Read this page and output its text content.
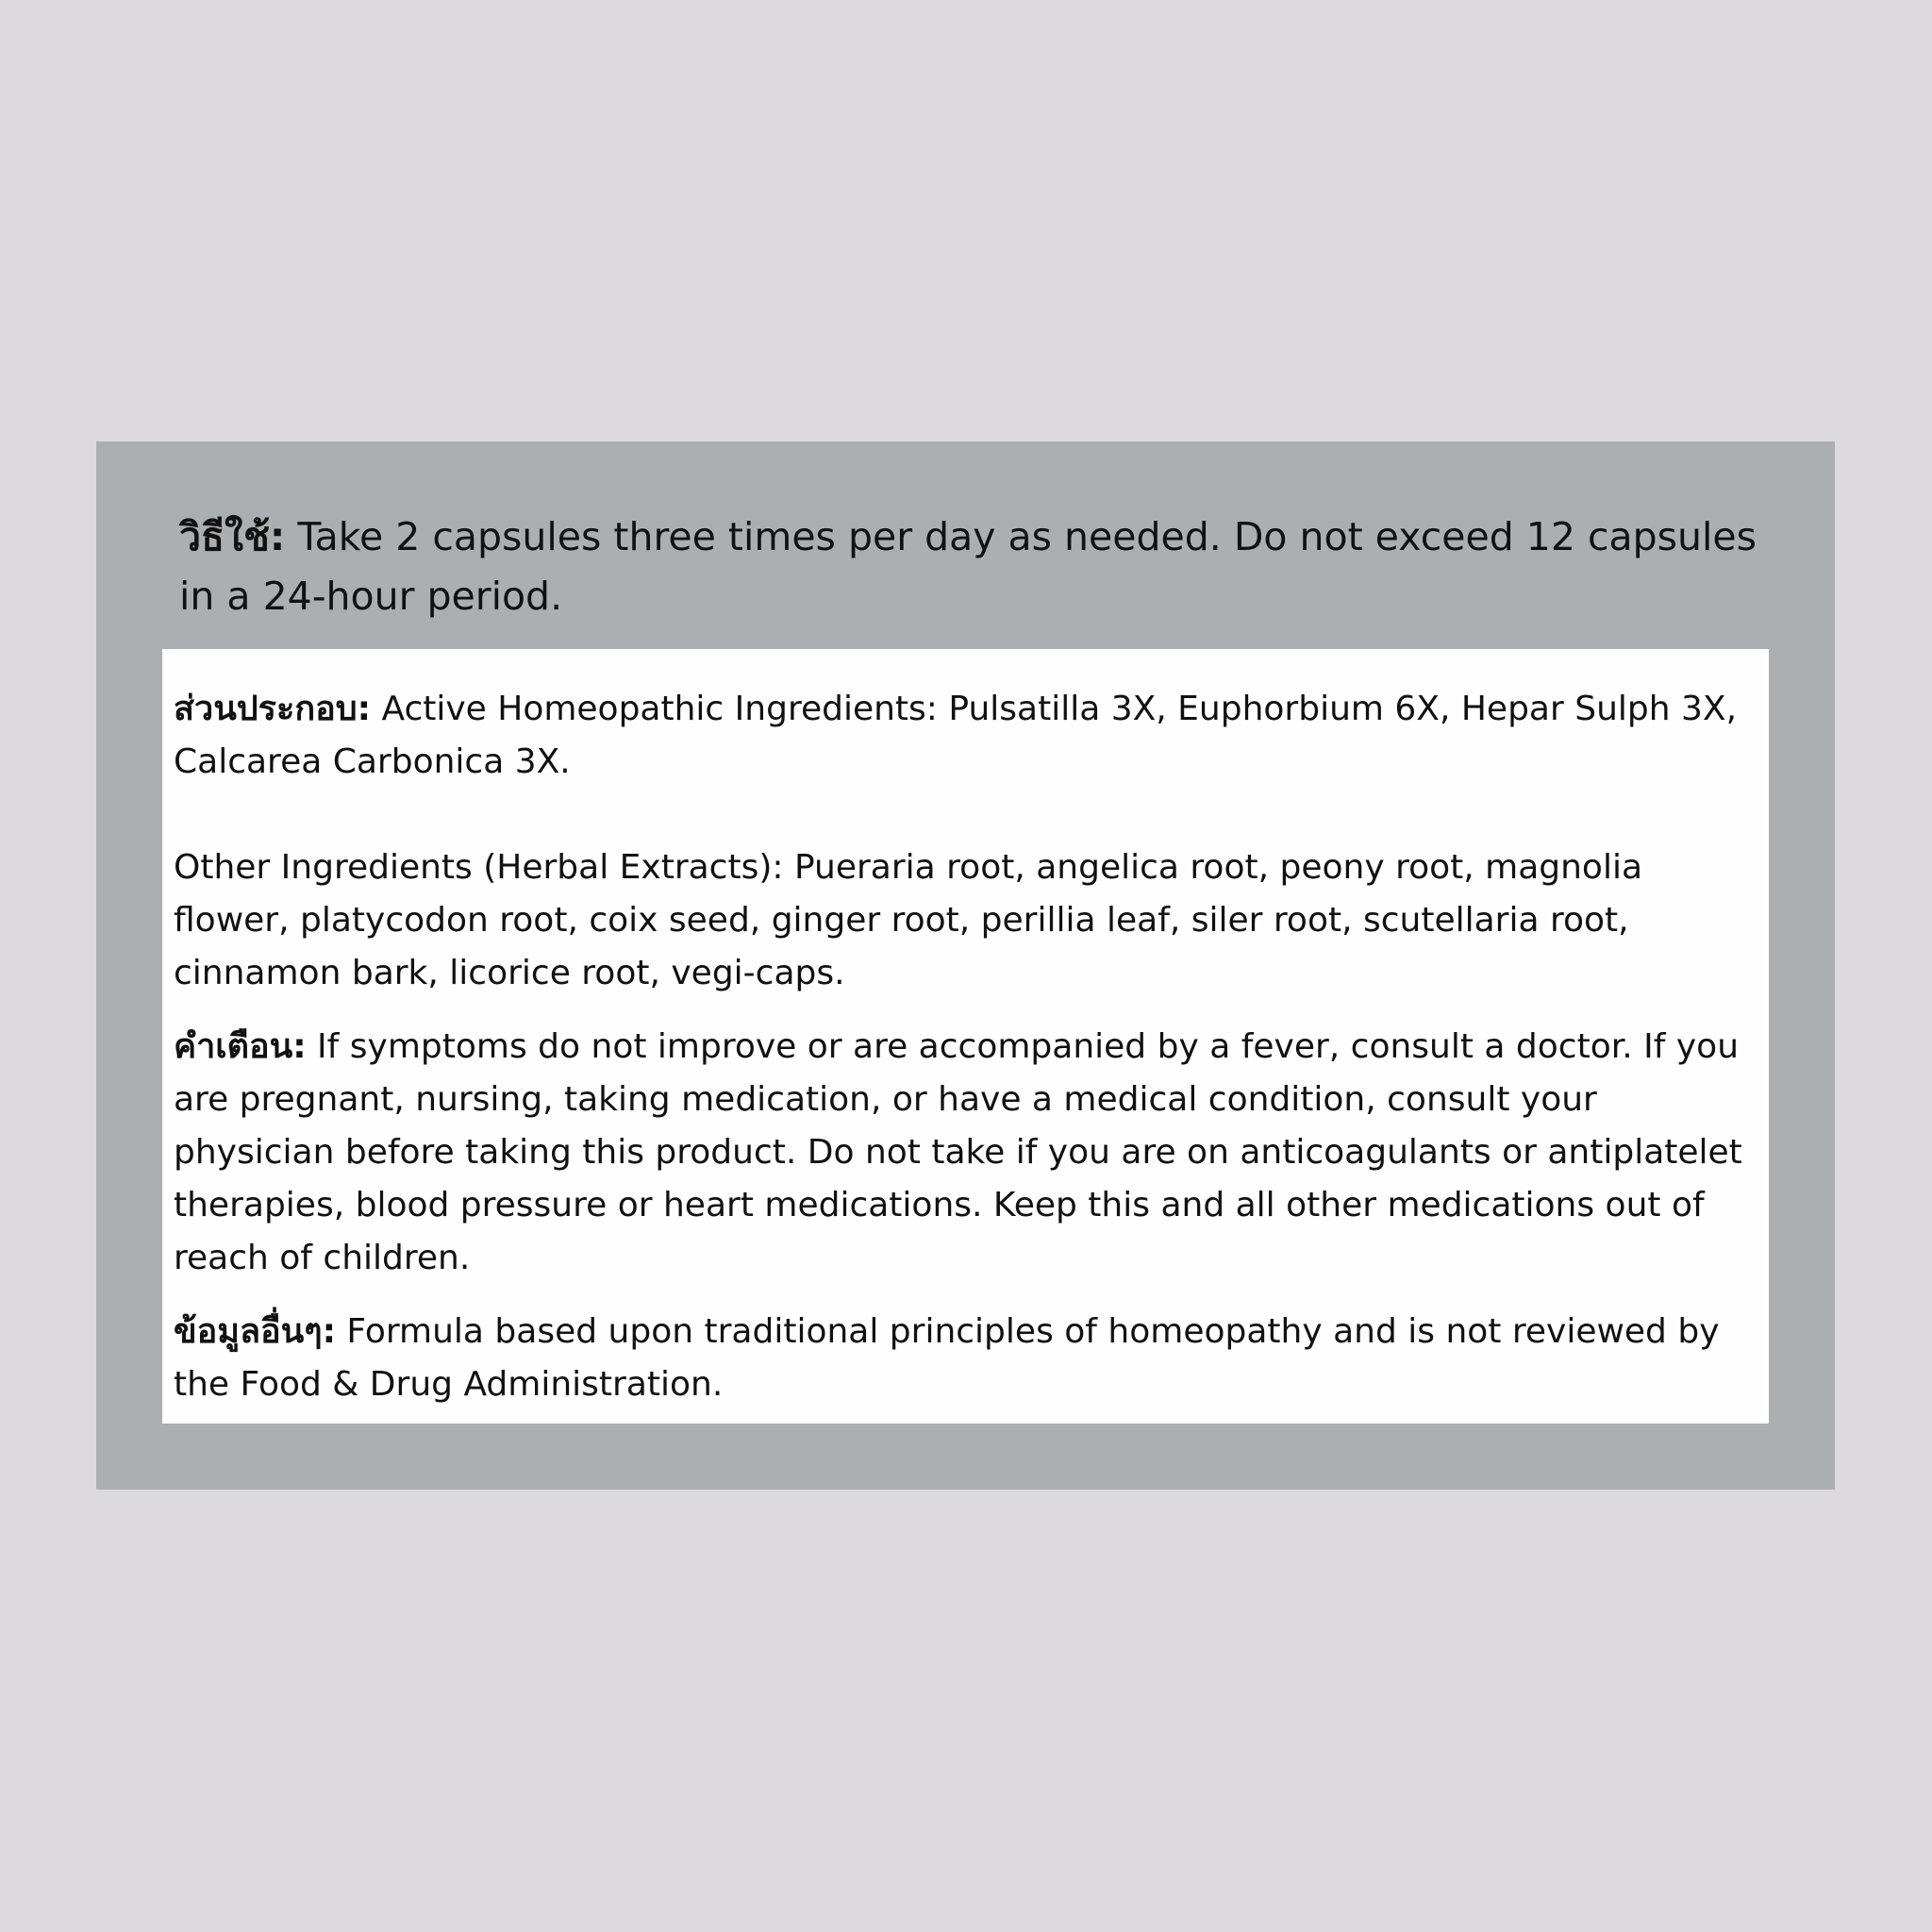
วิธีใช้: Take 2 capsules three times per day as needed. Do not exceed 12 capsules in a 24-hour period.

ส่วนประกอบ: Active Homeopathic Ingredients: Pulsatilla 3X, Euphorbium 6X, Hepar Sulph 3X, Calcarea Carbonica 3X.

Other Ingredients (Herbal Extracts): Pueraria root, angelica root, peony root, magnolia flower, platycodon root, coix seed, ginger root, perillia leaf, siler root, scutellaria root, cinnamon bark, licorice root, vegi-caps.

คำเตือน: If symptoms do not improve or are accompanied by a fever, consult a doctor. If you are pregnant, nursing, taking medication, or have a medical condition, consult your physician before taking this product. Do not take if you are on anticoagulants or antiplatelet therapies, blood pressure or heart medications. Keep this and all other medications out of reach of children.

ข้อมูลอื่นๆ: Formula based upon traditional principles of homeopathy and is not reviewed by the Food & Drug Administration.
